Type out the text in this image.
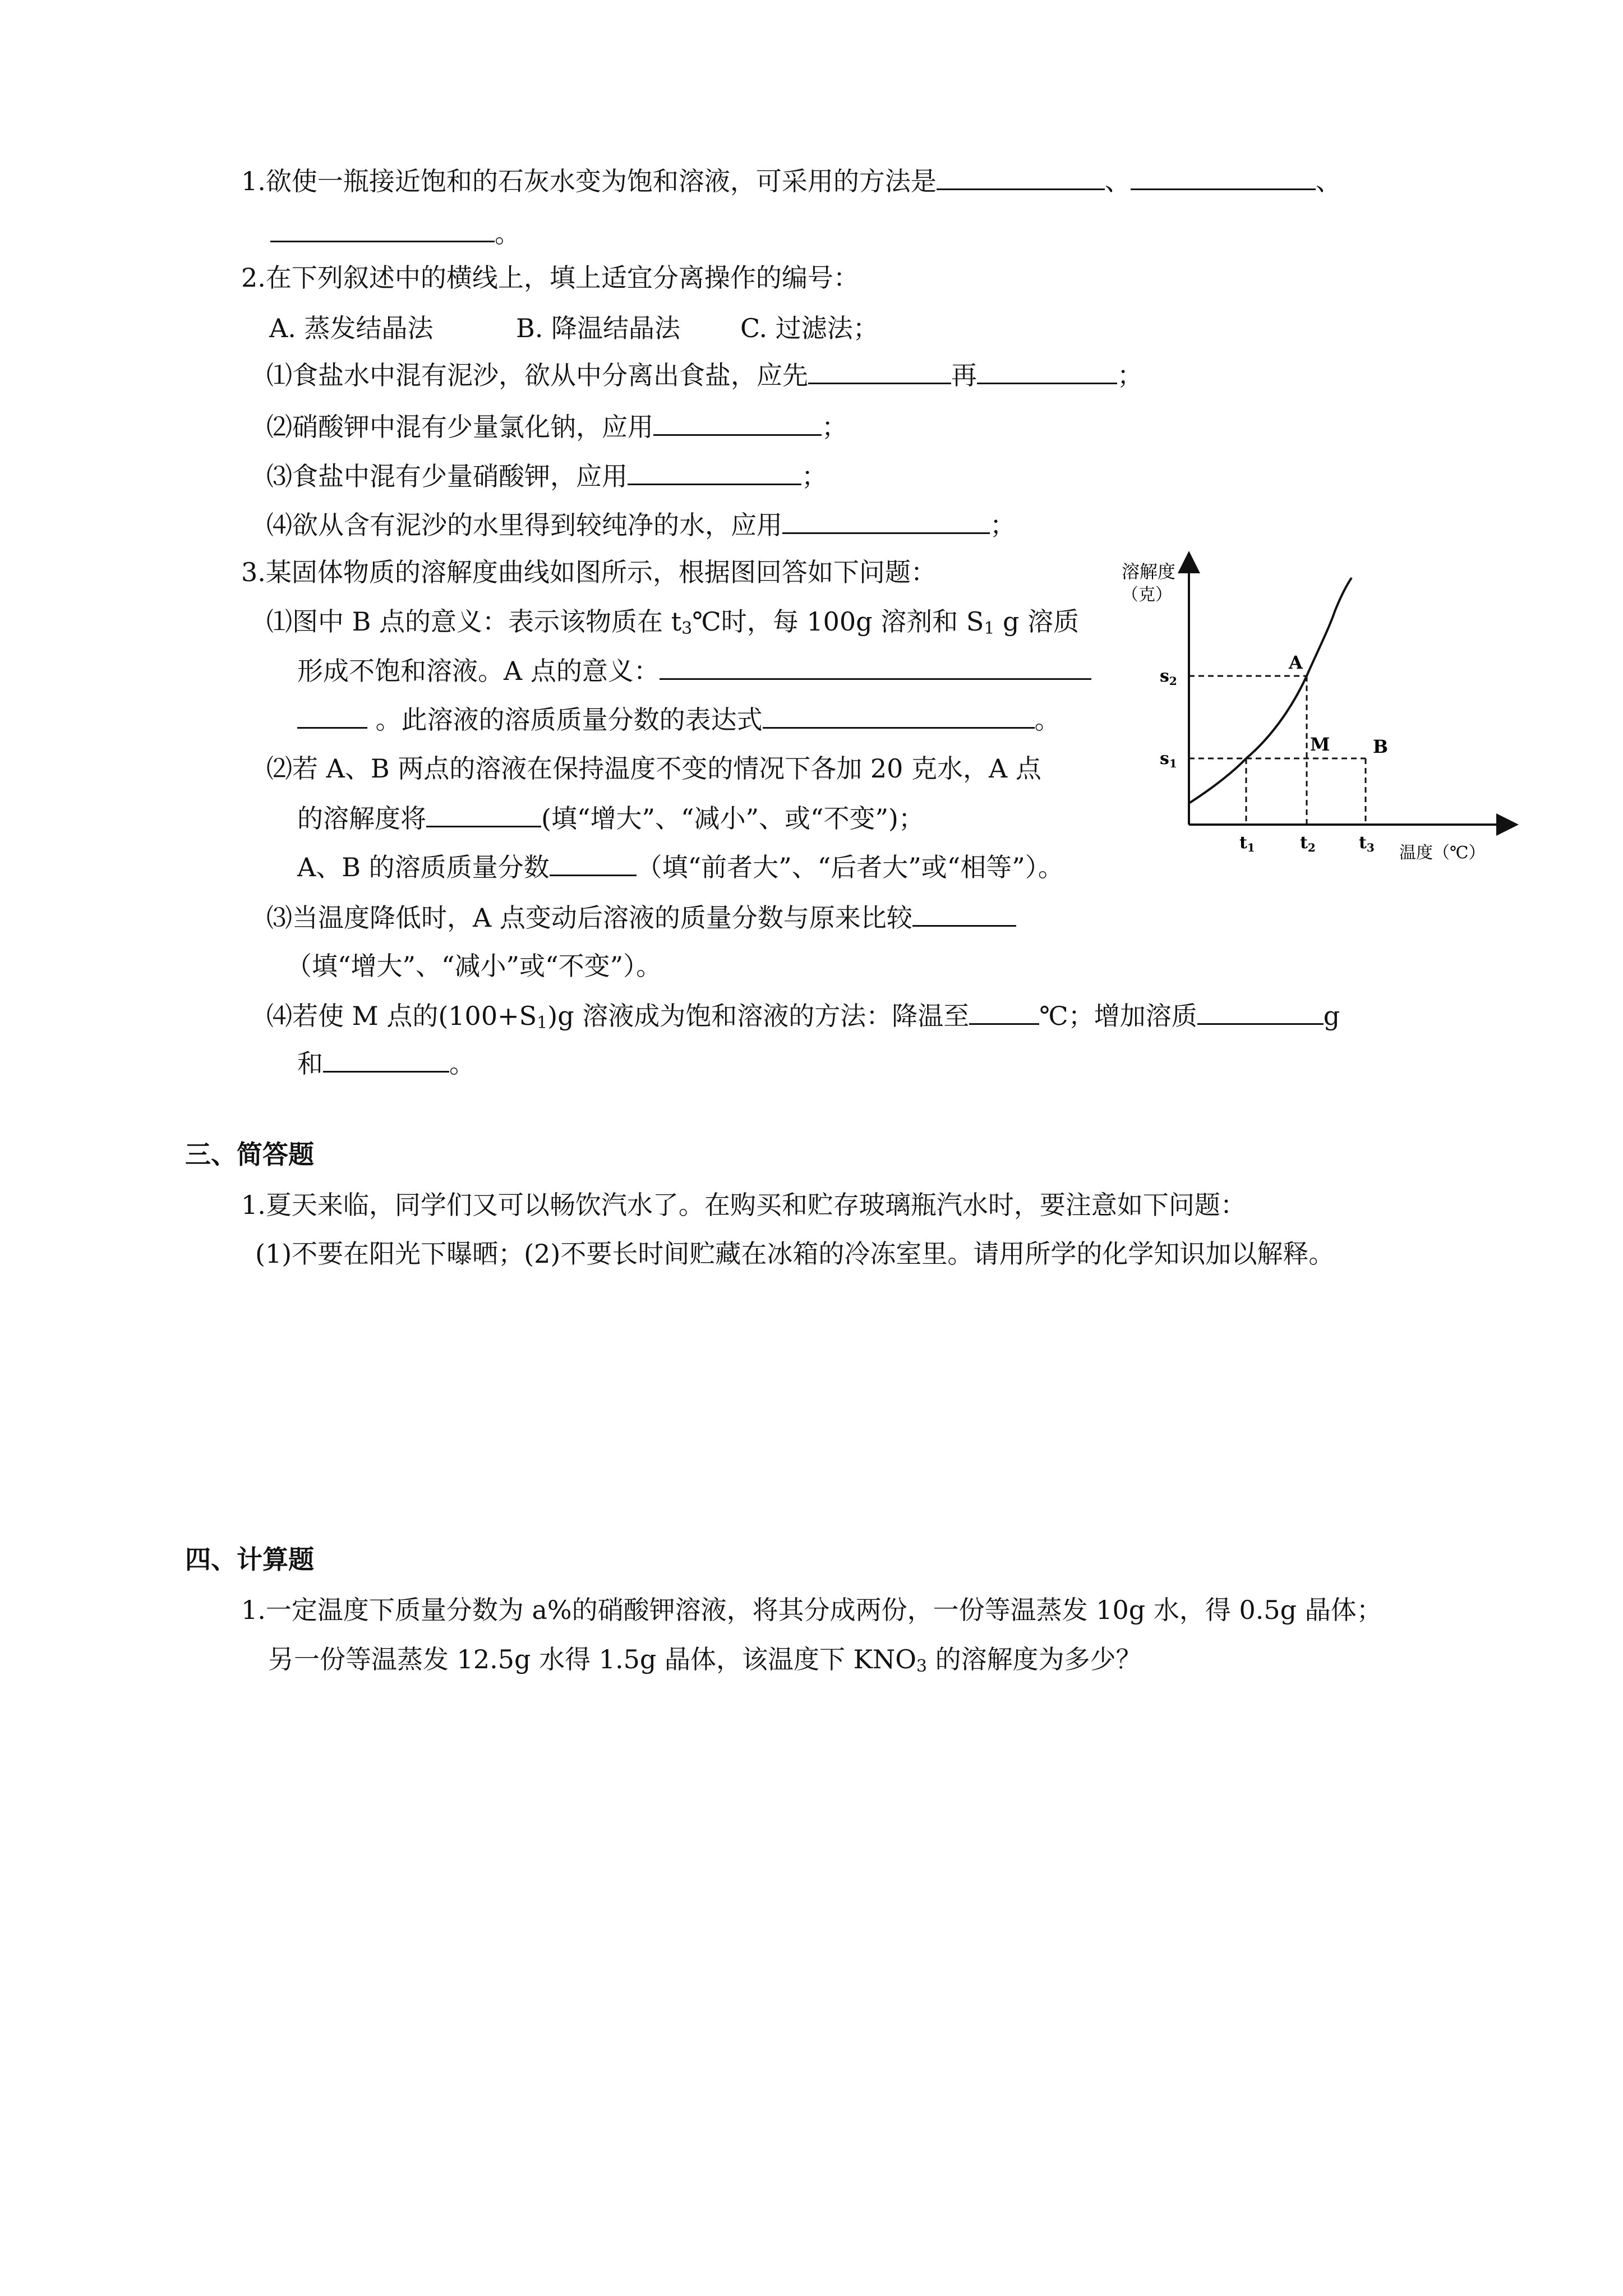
1.欲使一瓶接近饱和的石灰水变为饱和溶液，可采用的方法是	、	、
。
2.在下列叙述中的横线上，填上适宜分离操作的编号：
A. 蒸发结晶法	B. 降温结晶法 C. 过滤法；
⑴食盐水中混有泥沙，欲从中分离出食盐，应先	再	；
⑵硝酸钾中混有少量氯化钠，应用	；
⑶食盐中混有少量硝酸钾，应用	；
⑷欲从含有泥沙的水里得到较纯净的水，应用	；
3.某固体物质的溶解度曲线如图所示，根据图回答如下问题：
⑴图中 B 点的意义：表示该物质在 $t_3℃$时，每 100g 溶剂和 $S_1$ g 溶质
形成不饱和溶液。A 点的意义：
。此溶液的溶质质量分数的表达式	。
⑵若 A、B 两点的溶液在保持温度不变的情况下各加 20 克水，A 点
的溶解度将	(填“增大”、“减小”、或“不变”)；
A、B 的溶质质量分数	（填“前者大”、“后者大”或“相等”）。
⑶当温度降低时，A 点变动后溶液的质量分数与原来比较
（填“增大”、“减小”或“不变”）。
⑷若使 M 点的$(100+S_1)g$ 溶液成为饱和溶液的方法：降温至	℃；增加溶质	g
和	。
溶解度
（克）
温度（℃）
$s_2$
$s_1$
$t_1$	$t_2$	$t_3$
A
M B
三、简答题
1.夏天来临，同学们又可以畅饮汽水了。在购买和贮存玻璃瓶汽水时，要注意如下问题：
(1)不要在阳光下曝晒；(2)不要长时间贮藏在冰箱的冷冻室里。请用所学的化学知识加以解释。
四、计算题
1.一定温度下质量分数为 a%的硝酸钾溶液，将其分成两份，一份等温蒸发 10g 水，得 0.5g 晶体；
另一份等温蒸发 12.5g 水得 1.5g 晶体，该温度下 $KNO_3$ 的溶解度为多少？
